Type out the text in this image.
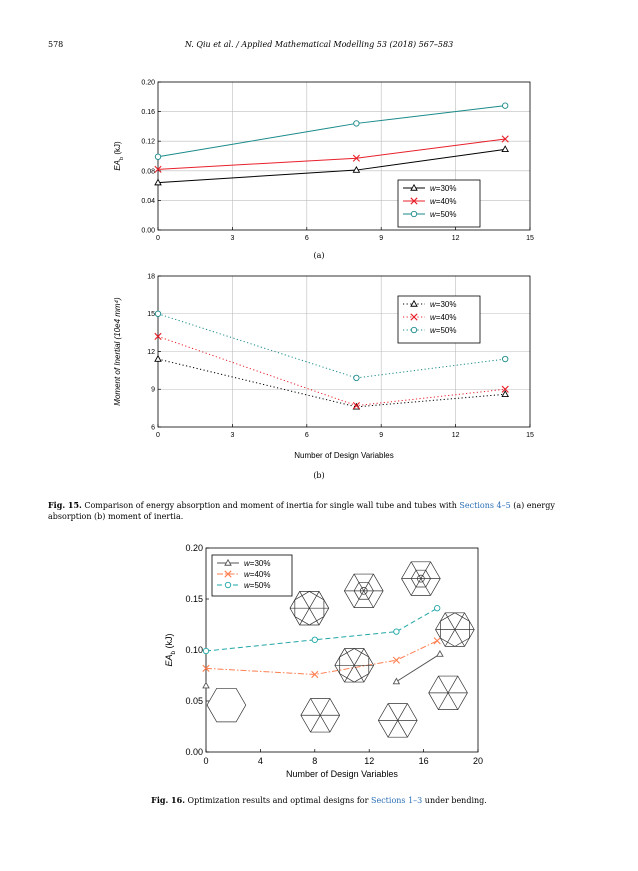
578	N. Qiu et al. / Applied Mathematical Modelling 53 (2018) 567–583
0	3	6	9	12	15
0.00
0.04
0.08
0.12
0.16
0.20
$EA_b$ (kJ)
w=30%
w=40%
w=50%
(a)
0	3	6	9	12	15
6
9
12
15
18
Moment of Inertial (10e4 mm⁴)
Number of Design Variables
w=30%
w=40%
w=50%
(b)
Fig. 15. Comparison of energy absorption and moment of inertia for single wall tube and tubes with Sections 4–5 (a) energy absorption (b) moment of inertia.
0	4	8	12	16	20
0.00
0.05
0.10
0.15
0.20
$EA_b$ (kJ)
Number of Design Variables
w=30%
w=40%
w=50%
Fig. 16. Optimization results and optimal designs for Sections 1–3 under bending.
